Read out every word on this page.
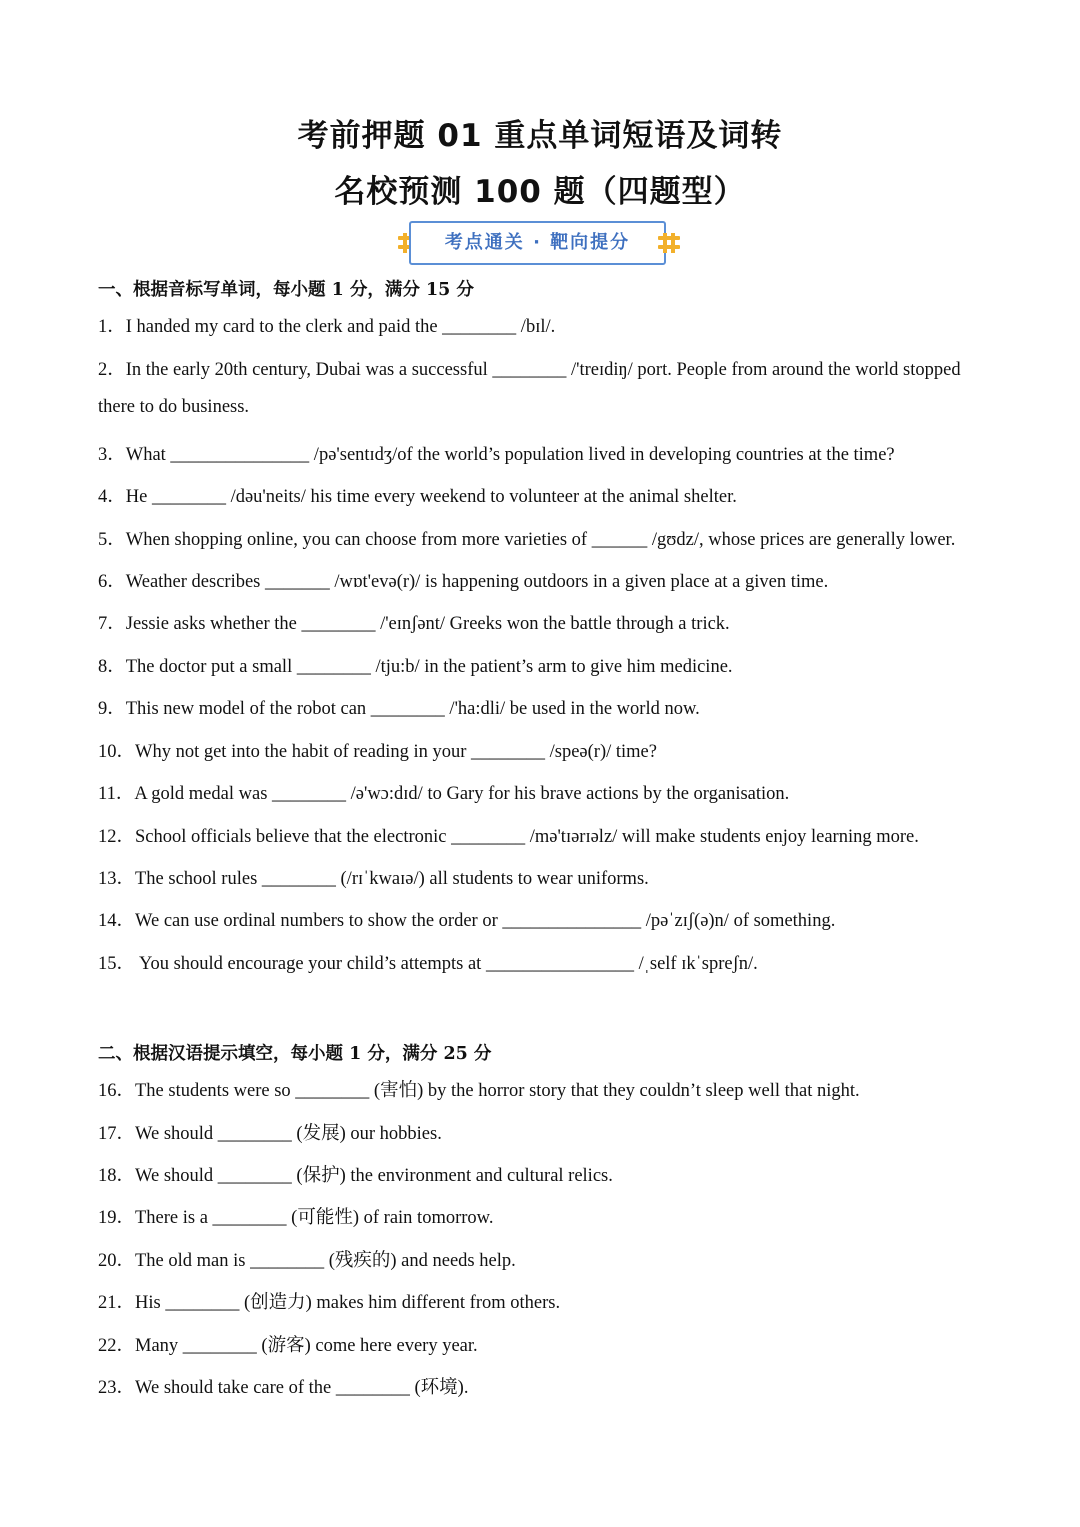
考前押题 01 重点单词短语及词转
名校预测 100 题（四题型）
考点通关 · 靶向提分
一、根据音标写单词，每小题 1 分，满分 15 分
1．I handed my card to the clerk and paid the ________ /bɪl/.
2．In the early 20th century, Dubai was a successful ________ /'treɪdiŋ/ port. People from around the world stopped
there to do business.
3．What _______________ /pə'sentɪdʒ/of the world’s population lived in developing countries at the time?
4．He ________ /dəu'neits/ his time every weekend to volunteer at the animal shelter.
5．When shopping online, you can choose from more varieties of ______ /gʊdz/, whose prices are generally lower.
6．Weather describes _______ /wɒt'evə(r)/ is happening outdoors in a given place at a given time.
7．Jessie asks whether the ________ /'eɪnʃənt/ Greeks won the battle through a trick.
8．The doctor put a small ________ /tju:b/ in the patient’s arm to give him medicine.
9．This new model of the robot can ________ /'ha:dli/ be used in the world now.
10．Why not get into the habit of reading in your ________ /speə(r)/ time?
11．A gold medal was ________ /ə'wɔ:dɪd/ to Gary for his brave actions by the organisation.
12．School officials believe that the electronic ________ /mə'tɪərɪəlz/ will make students enjoy learning more.
13．The school rules ________ (/rɪˈkwaɪə/) all students to wear uniforms.
14．We can use ordinal numbers to show the order or _______________ /pəˈzɪʃ(ə)n/ of something.
15． You should encourage your child’s attempts at ________________ /ˌself ɪkˈspreʃn/.
二、根据汉语提示填空，每小题 1 分，满分 25 分
16．The students were so ________ (害怕) by the horror story that they couldn’t sleep well that night.
17．We should ________ (发展) our hobbies.
18．We should ________ (保护) the environment and cultural relics.
19．There is a ________ (可能性) of rain tomorrow.
20．The old man is ________ (残疾的) and needs help.
21．His ________ (创造力) makes him different from others.
22．Many ________ (游客) come here every year.
23．We should take care of the ________ (环境).
